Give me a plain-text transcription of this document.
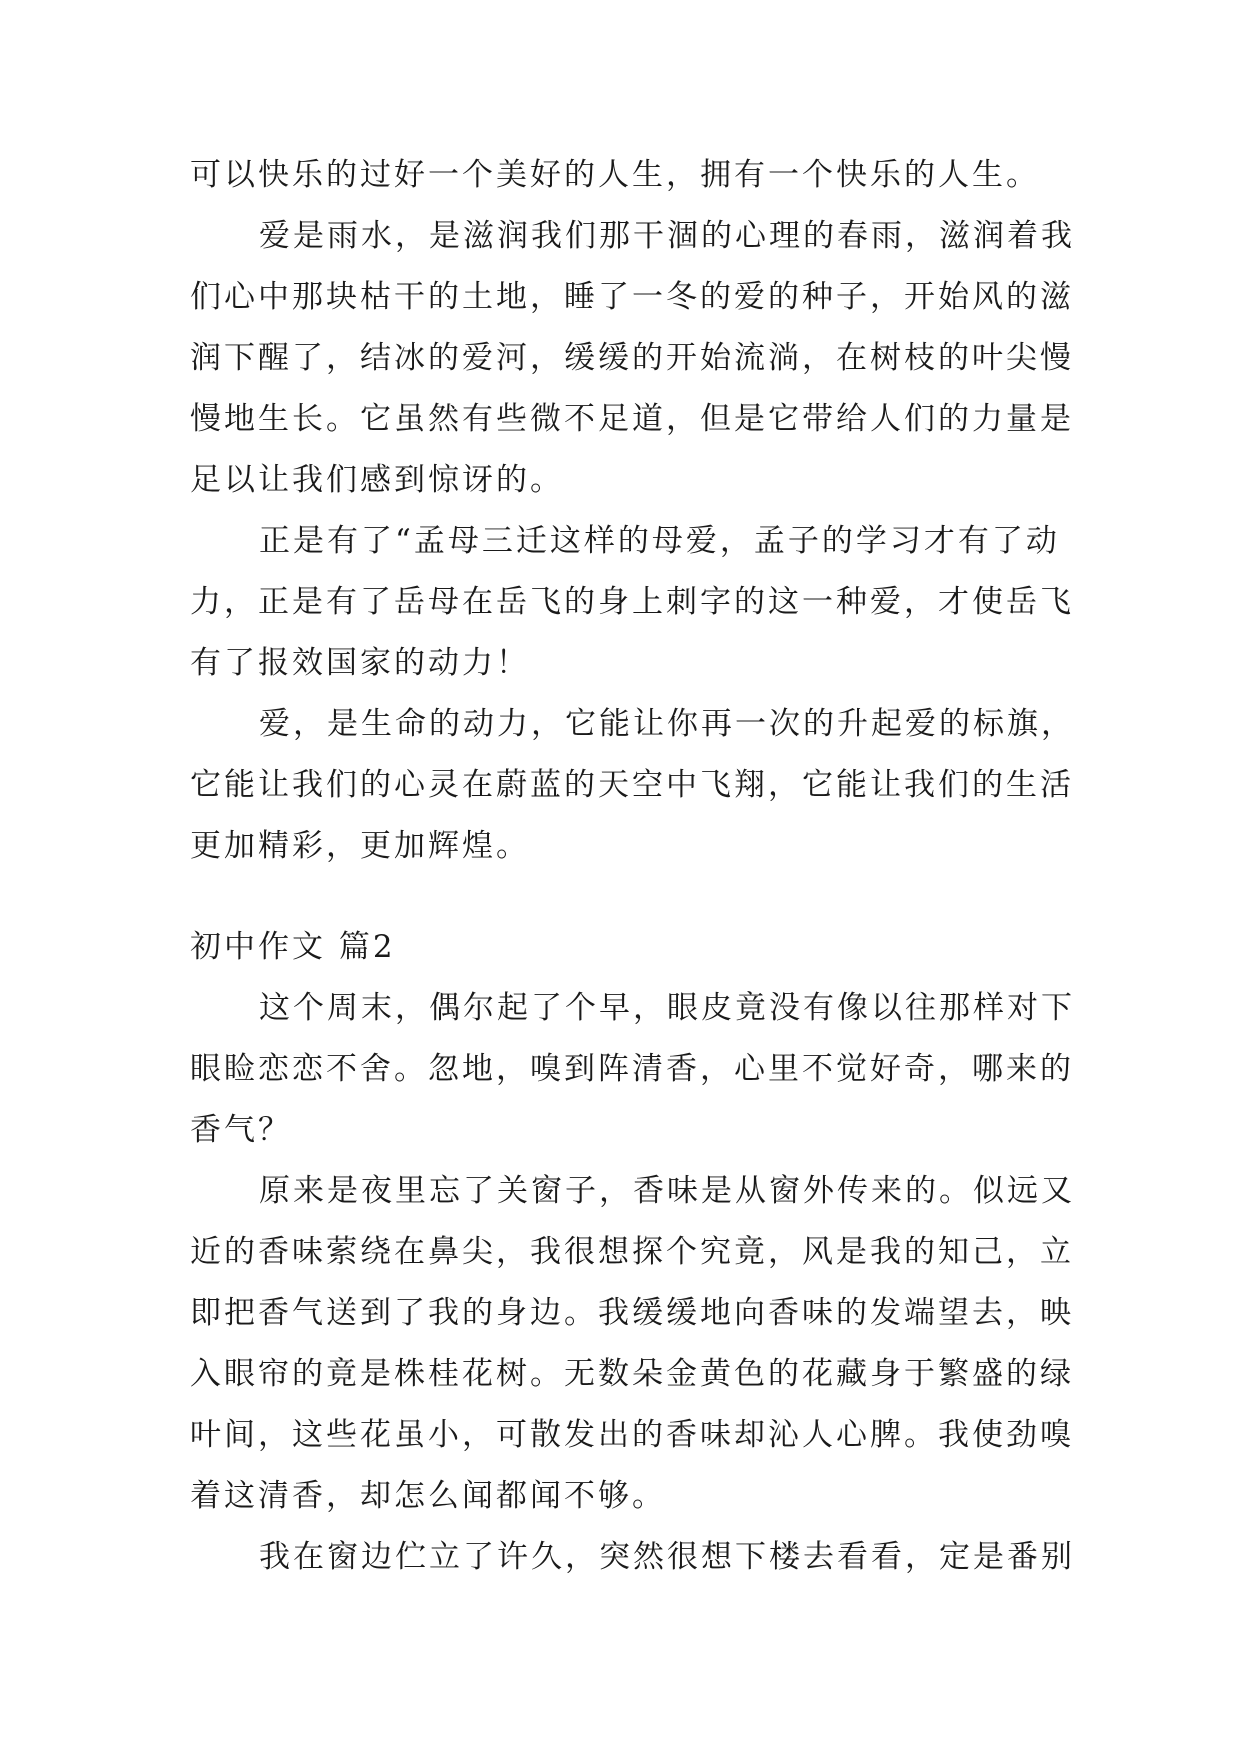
可以快乐的过好一个美好的人生，拥有一个快乐的人生。
爱是雨水，是滋润我们那干涸的心理的春雨，滋润着我
们心中那块枯干的土地，睡了一冬的爱的种子，开始风的滋
润下醒了，结冰的爱河，缓缓的开始流淌，在树枝的叶尖慢
慢地生长。它虽然有些微不足道，但是它带给人们的力量是
足以让我们感到惊讶的。
正是有了“孟母三迁这样的母爱，孟子的学习才有了动
力，正是有了岳母在岳飞的身上刺字的这一种爱，才使岳飞
有了报效国家的动力！
爱，是生命的动力，它能让你再一次的升起爱的标旗，
它能让我们的心灵在蔚蓝的天空中飞翔，它能让我们的生活
更加精彩，更加辉煌。
初中作文 篇2
这个周末，偶尔起了个早，眼皮竟没有像以往那样对下
眼睑恋恋不舍。忽地，嗅到阵清香，心里不觉好奇，哪来的
香气？
原来是夜里忘了关窗子，香味是从窗外传来的。似远又
近的香味萦绕在鼻尖，我很想探个究竟，风是我的知己，立
即把香气送到了我的身边。我缓缓地向香味的发端望去，映
入眼帘的竟是株桂花树。无数朵金黄色的花藏身于繁盛的绿
叶间，这些花虽小，可散发出的香味却沁人心脾。我使劲嗅
着这清香，却怎么闻都闻不够。
我在窗边伫立了许久，突然很想下楼去看看，定是番别
